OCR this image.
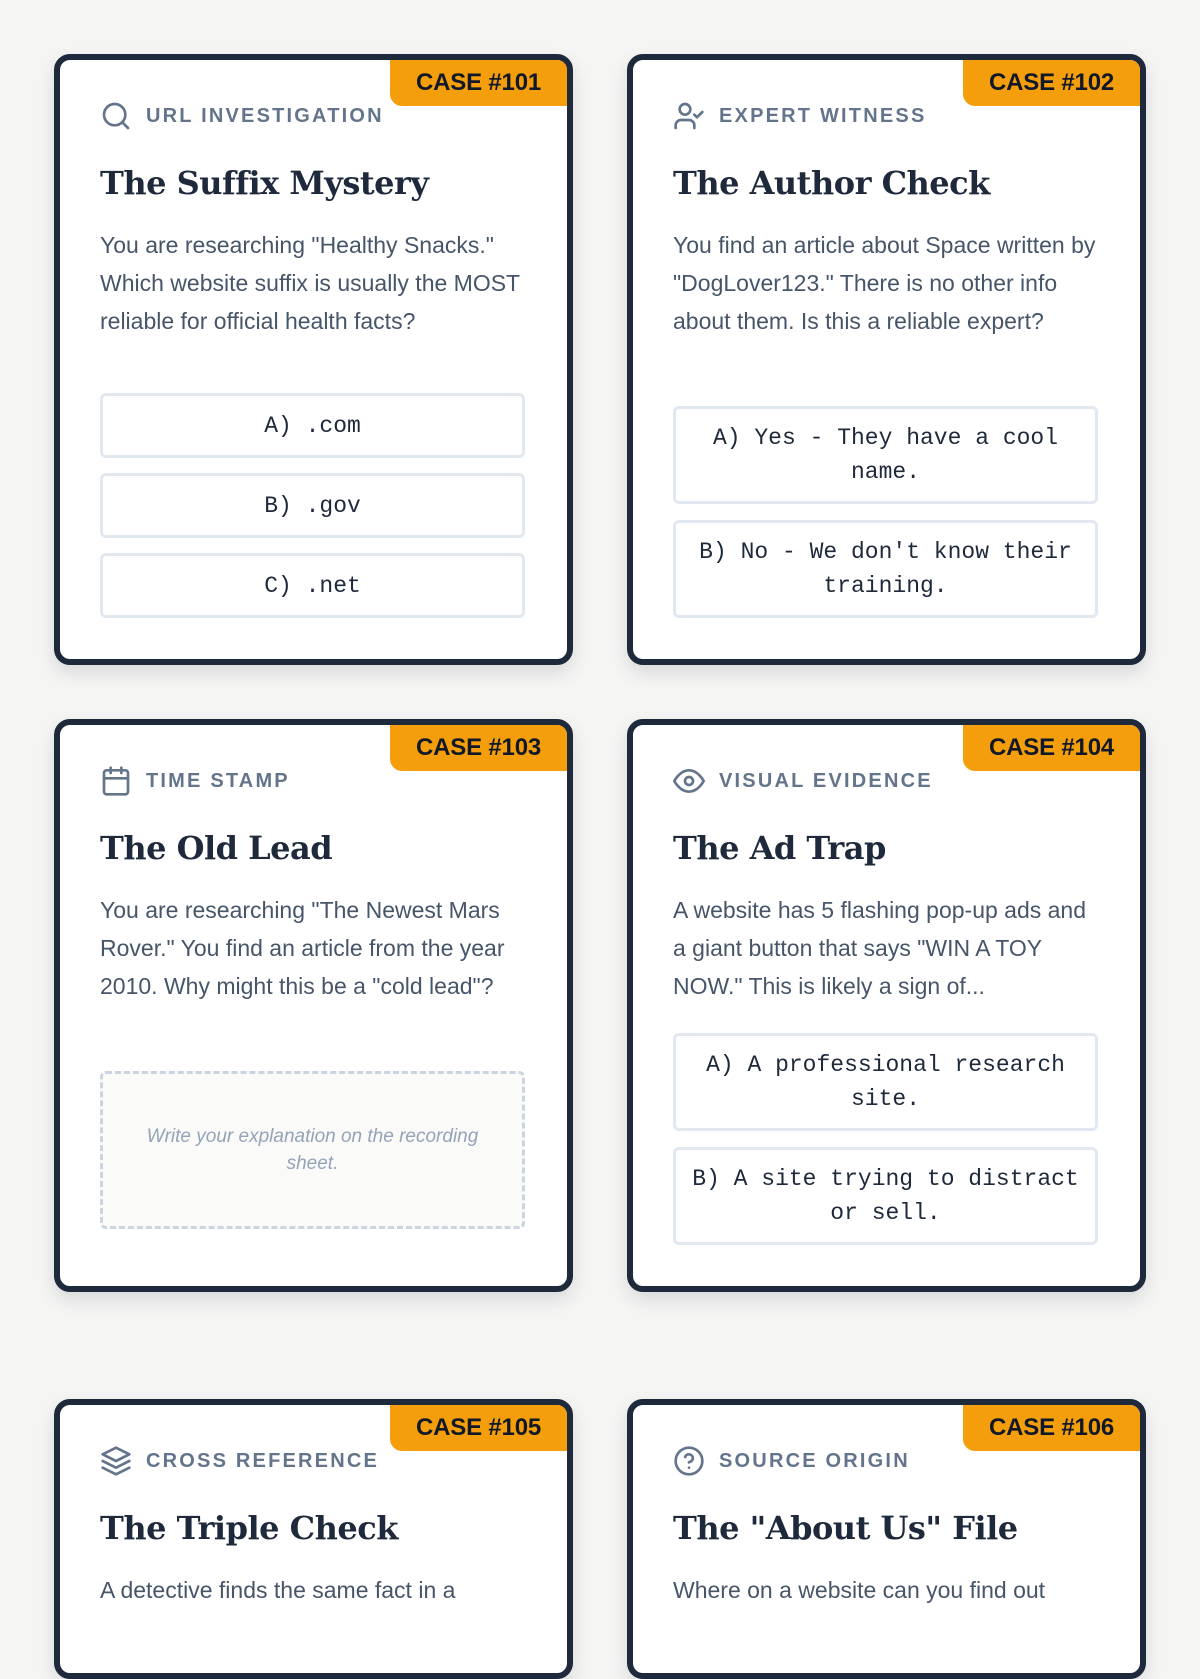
CASE #101
URL INVESTIGATION
The Suffix Mystery
You are researching "Healthy Snacks." Which website suffix is usually the MOST reliable for official health facts?
A) .com
B) .gov
C) .net
CASE #102
EXPERT WITNESS
The Author Check
You find an article about Space written by "DogLover123." There is no other info about them. Is this a reliable expert?
A) Yes - They have a cool name.
B) No - We don't know their training.
CASE #103
TIME STAMP
The Old Lead
You are researching "The Newest Mars Rover." You find an article from the year 2010. Why might this be a "cold lead"?
Write your explanation on the recording sheet.
CASE #104
VISUAL EVIDENCE
The Ad Trap
A website has 5 flashing pop-up ads and a giant button that says "WIN A TOY NOW." This is likely a sign of...
A) A professional research site.
B) A site trying to distract or sell.
CASE #105
CROSS REFERENCE
The Triple Check
A detective finds the same fact in a
CASE #106
SOURCE ORIGIN
The "About Us" File
Where on a website can you find out
